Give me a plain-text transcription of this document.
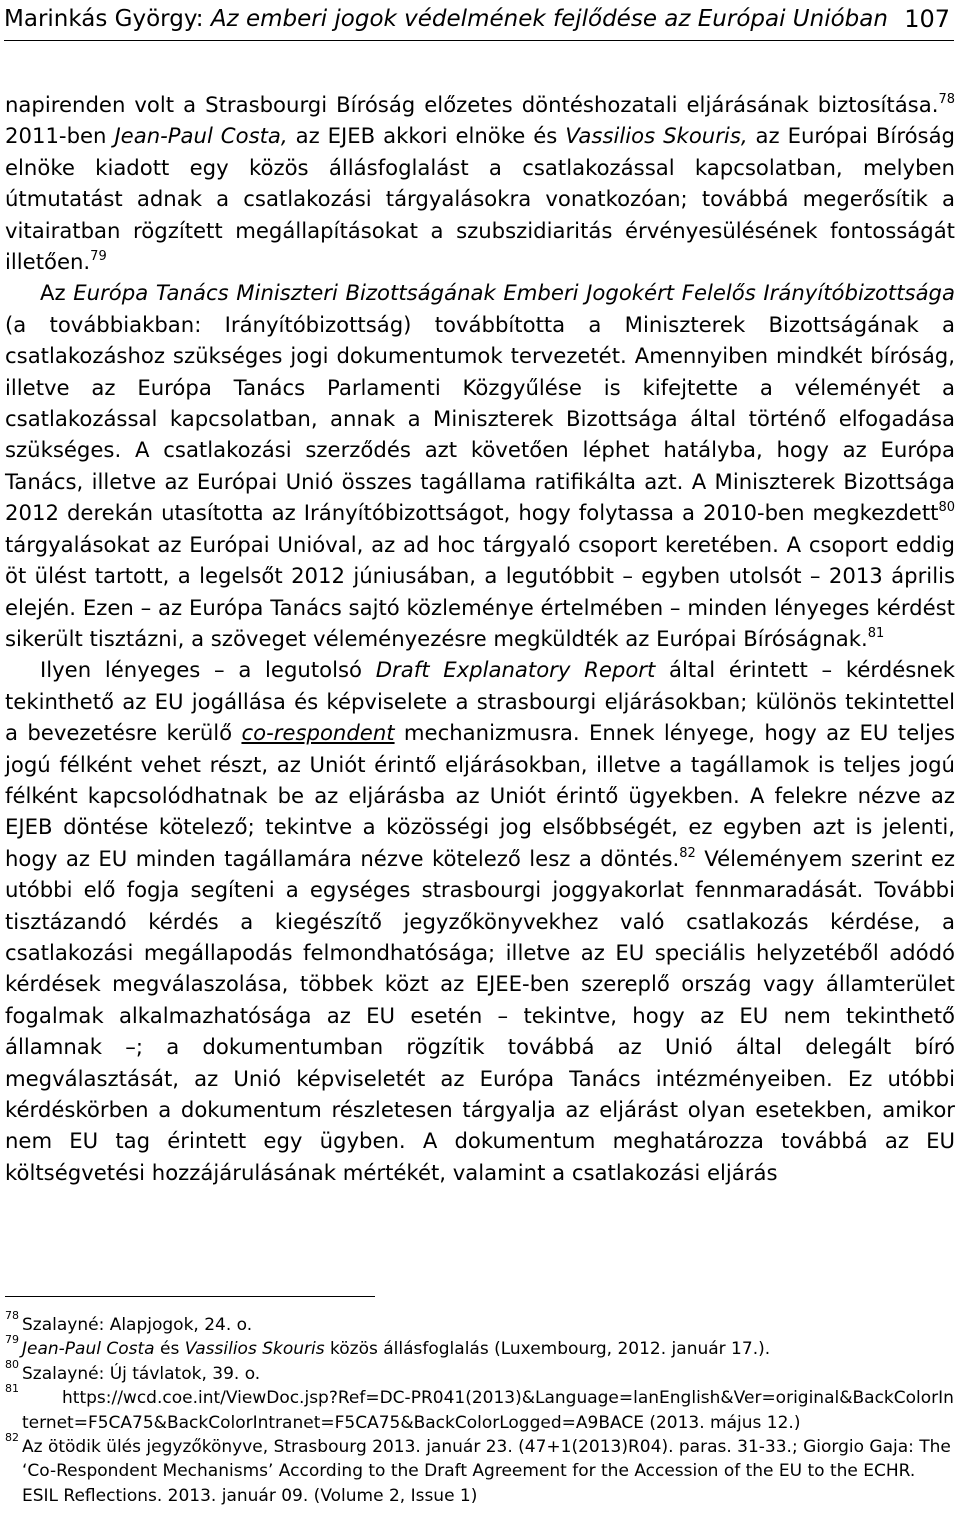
Marinkás György: Az emberi jogok védelmének fejlődése az Európai Unióban 107

napirenden volt a Strasbourgi Bíróság előzetes döntéshozatali eljárásának biztosítása.$^{78}$ 2011-ben Jean-Paul Costa, az EJEB akkori elnöke és Vassilios Skouris, az Európai Bíróság elnöke kiadott egy közös állásfoglalást a csatlakozással kapcsolatban, melyben útmutatást adnak a csatlakozási tárgyalásokra vonatkozóan; továbbá megerősítik a vitairatban rögzített megállapításokat a szubszidiaritás érvényesülésének fontosságát illetően.$^{79}$

Az Európa Tanács Miniszteri Bizottságának Emberi Jogokért Felelős Irányítóbizottsága (a továbbiakban: Irányítóbizottság) továbbította a Miniszterek Bizottságának a csatlakozáshoz szükséges jogi dokumentumok tervezetét. Amennyiben mindkét bíróság, illetve az Európa Tanács Parlamenti Közgyűlése is kifejtette a véleményét a csatlakozással kapcsolatban, annak a Miniszterek Bizottsága által történő elfogadása szükséges. A csatlakozási szerződés azt követően léphet hatályba, hogy az Európa Tanács, illetve az Európai Unió összes tagállama ratifikálta azt. A Miniszterek Bizottsága 2012 derekán utasította az Irányítóbizottságot, hogy folytassa a 2010-ben megkezdett$^{80}$ tárgyalásokat az Európai Unióval, az ad hoc tárgyaló csoport keretében. A csoport eddig öt ülést tartott, a legelsőt 2012 júniusában, a legutóbbit – egyben utolsót – 2013 április elején. Ezen – az Európa Tanács sajtó közleménye értelmében – minden lényeges kérdést sikerült tisztázni, a szöveget véleményezésre megküldték az Európai Bíróságnak.$^{81}$

Ilyen lényeges – a legutolsó Draft Explanatory Report által érintett – kérdésnek tekinthető az EU jogállása és képviselete a strasbourgi eljárásokban; különös tekintettel a bevezetésre kerülő co-respondent mechanizmusra. Ennek lényege, hogy az EU teljes jogú félként vehet részt, az Uniót érintő eljárásokban, illetve a tagállamok is teljes jogú félként kapcsolódhatnak be az eljárásba az Uniót érintő ügyekben. A felekre nézve az EJEB döntése kötelező; tekintve a közösségi jog elsőbbségét, ez egyben azt is jelenti, hogy az EU minden tagállamára nézve kötelező lesz a döntés.$^{82}$ Véleményem szerint ez utóbbi elő fogja segíteni a egységes strasbourgi joggyakorlat fennmaradását. További tisztázandó kérdés a kiegészítő jegyzőkönyvekhez való csatlakozás kérdése, a csatlakozási megállapodás felmondhatósága; illetve az EU speciális helyzetéből adódó kérdések megválaszolása, többek közt az EJEE-ben szereplő ország vagy államterület fogalmak alkalmazhatósága az EU esetén – tekintve, hogy az EU nem tekinthető államnak –; a dokumentumban rögzítik továbbá az Unió által delegált bíró megválasztását, az Unió képviseletét az Európa Tanács intézményeiben. Ez utóbbi kérdéskörben a dokumentum részletesen tárgyalja az eljárást olyan esetekben, amikor nem EU tag érintett egy ügyben. A dokumentum meghatározza továbbá az EU költségvetési hozzájárulásának mértékét, valamint a csatlakozási eljárás

78 Szalayné: Alapjogok, 24. o.

79 Jean-Paul Costa és Vassilios Skouris közös állásfoglalás (Luxembourg, 2012. január 17.).

80 Szalayné: Új távlatok, 39. o.

81	https://wcd.coe.int/ViewDoc.jsp?Ref=DC-PR041(2013)&Language=lanEnglish&Ver=original&BackColorInternet=F5CA75&BackColorIntranet=F5CA75&BackColorLogged=A9BACE (2013. május 12.)

82 Az ötödik ülés jegyzőkönyve, Strasbourg 2013. január 23. (47+1(2013)R04). paras. 31-33.; Giorgio Gaja: The ‘Co-Respondent Mechanisms’ According to the Draft Agreement for the Accession of the EU to the ECHR. ESIL Reflections. 2013. január 09. (Volume 2, Issue 1)
